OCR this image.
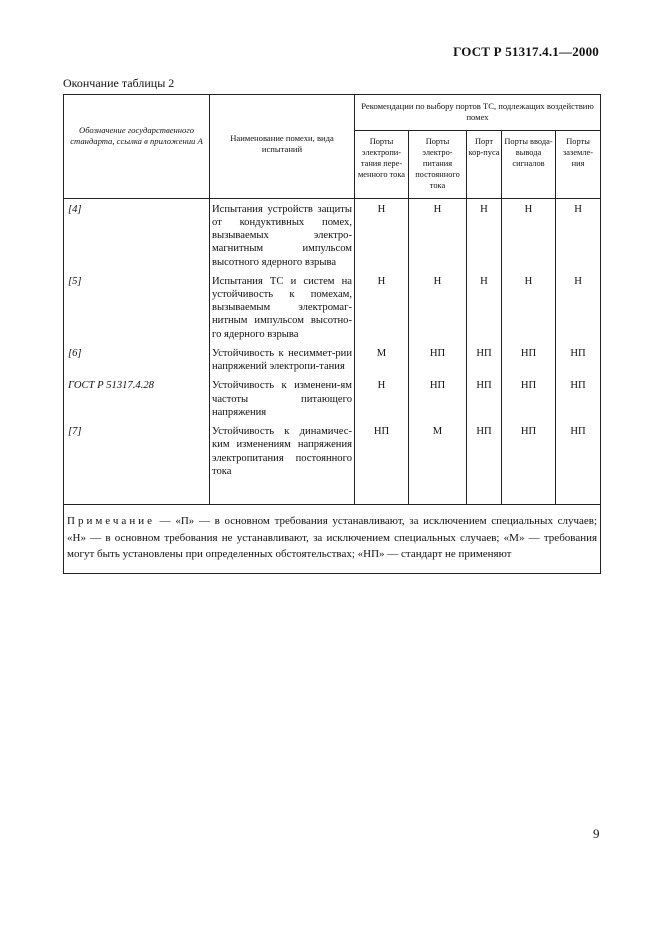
ГОСТ Р 51317.4.1—2000
Окончание таблицы 2
Обозначение государственного стандарта, ссылка в приложении А	Наименование помехи, вида испытаний	Рекомендации по выбору портов ТС, подлежащих воздействию помех				
		Порты электропи-тания пере-менного тока	Порты электро-питания постоянного тока	Порт кор-пуса	Порты ввода-вывода сигналов	Порты заземле-ния
[4]	Испытания устройств защиты от кондуктивных помех, вызываемых электро-магнитным импульсом высотного ядерного взрыва	Н	Н	Н	Н	Н
[5]	Испытания ТС и систем на устойчивость к помехам, вызываемым электромаг-нитным импульсом высотно-го ядерного взрыва	Н	Н	Н	Н	Н
[6]	Устойчивость к несиммет-рии напряжений электропи-тания	М	НП	НП	НП	НП
ГОСТ Р 51317.4.28	Устойчивость к изменени-ям частоты питающего напряжения	Н	НП	НП	НП	НП
[7]	Устойчивость к динамичес-ким изменениям напряжения электропитания постоянного тока	НП	М	НП	НП	НП
Примечание — «П» — в основном требования устанавливают, за исключением специальных случаев; «Н» — в основном требования не устанавливают, за исключением специальных случаев; «М» — требования могут быть установлены при определенных обстоятельствах; «НП» — стандарт не применяют						
9
